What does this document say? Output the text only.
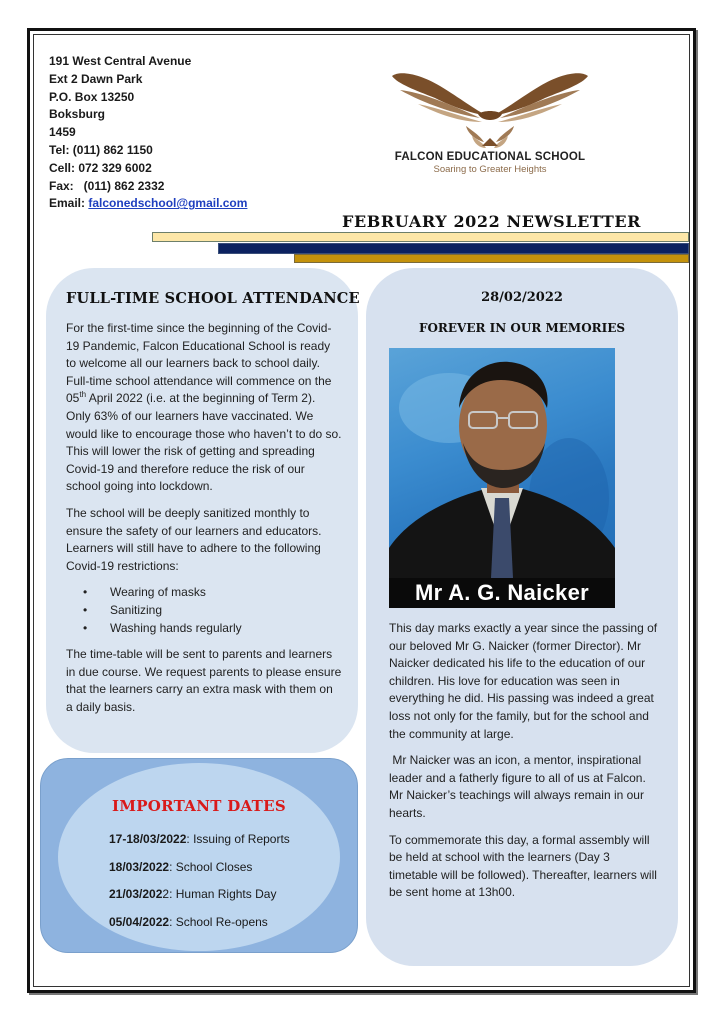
191 West Central Avenue
Ext 2 Dawn Park
P.O. Box 13250
Boksburg
1459
Tel: (011) 862 1150
Cell: 072 329 6002
Fax:   (011) 862 2332
Email: falconedschool@gmail.com
FALCON EDUCATIONAL SCHOOL
Soaring to Greater Heights
FEBRUARY 2022 NEWSLETTER
FULL-TIME SCHOOL ATTENDANCE

For the first-time since the beginning of the Covid-19 Pandemic, Falcon Educational School is ready to welcome all our learners back to school daily. Full-time school attendance will commence on the 05th April 2022 (i.e. at the beginning of Term 2). Only 63% of our learners have vaccinated. We would like to encourage those who haven’t to do so. This will lower the risk of getting and spreading Covid-19 and therefore reduce the risk of our school going into lockdown.

The school will be deeply sanitized monthly to ensure the safety of our learners and educators. Learners will still have to adhere to the following Covid-19 restrictions:

• Wearing of masks
• Sanitizing
• Washing hands regularly

The time-table will be sent to parents and learners in due course. We request parents to please ensure that the learners carry an extra mask with them on a daily basis.

IMPORTANT DATES
17-18/03/2022: Issuing of Reports
18/03/2022: School Closes
21/03/2022: Human Rights Day
05/04/2022: School Re-opens
28/02/2022
FOREVER IN OUR MEMORIES
Mr A. G. Naicker

This day marks exactly a year since the passing of our beloved Mr G. Naicker (former Director). Mr Naicker dedicated his life to the education of our children. His love for education was seen in everything he did. His passing was indeed a great loss not only for the family, but for the school and the community at large.

Mr Naicker was an icon, a mentor, inspirational leader and a fatherly figure to all of us at Falcon. Mr Naicker’s teachings will always remain in our hearts.

To commemorate this day, a formal assembly will be held at school with the learners (Day 3 timetable will be followed). Thereafter, learners will be sent home at 13h00.
